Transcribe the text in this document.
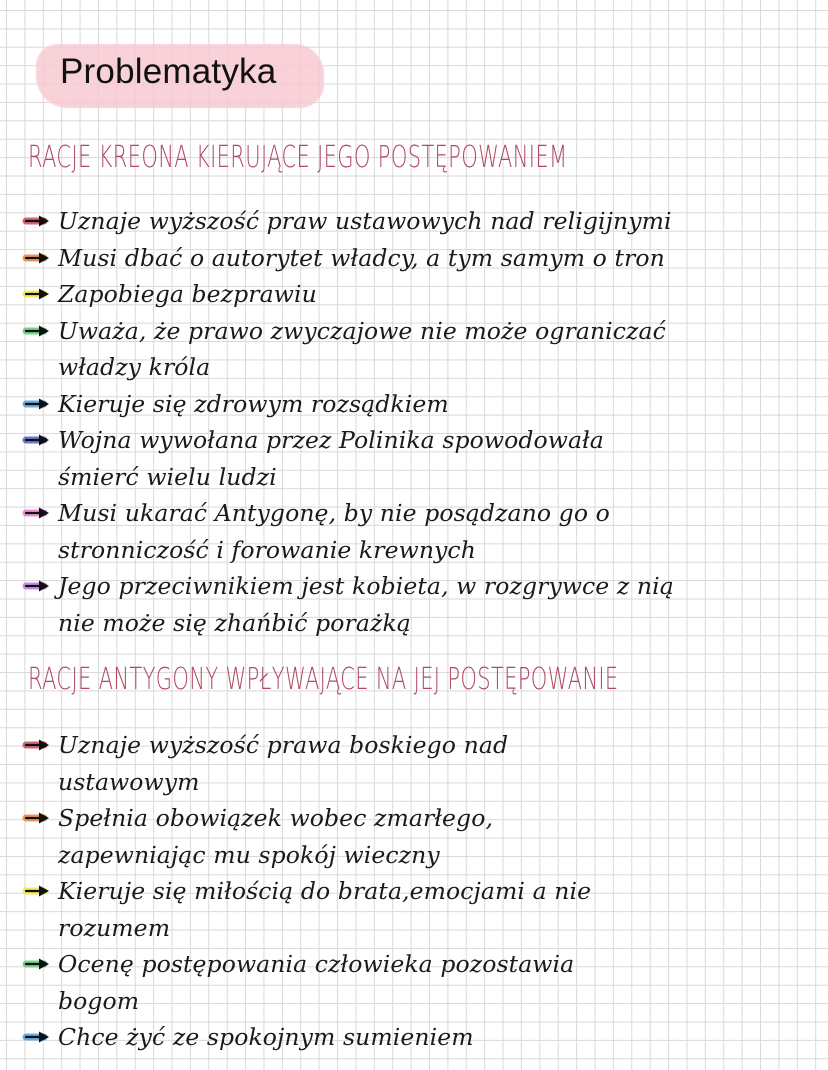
Problematyka
RACJE KREONA KIERUJĄCE JEGO POSTĘPOWANIEM
Uznaje wyższość praw ustawowych nad religijnymi
Musi dbać o autorytet władcy, a tym samym o tron
Zapobiega bezprawiu
Uważa, że prawo zwyczajowe nie może ograniczać
władzy króla
Kieruje się zdrowym rozsądkiem
Wojna wywołana przez Polinika spowodowała
śmierć wielu ludzi
Musi ukarać Antygonę, by nie posądzano go o
stronniczość i forowanie krewnych
Jego przeciwnikiem jest kobieta, w rozgrywce z nią
nie może się zhańbić porażką
RACJE ANTYGONY WPŁYWAJĄCE NA JEJ POSTĘPOWANIE
Uznaje wyższość prawa boskiego nad
ustawowym
Spełnia obowiązek wobec zmarłego,
zapewniając mu spokój wieczny
Kieruje się miłością do brata,emocjami a nie
rozumem
Ocenę postępowania człowieka pozostawia
bogom
Chce żyć ze spokojnym sumieniem
